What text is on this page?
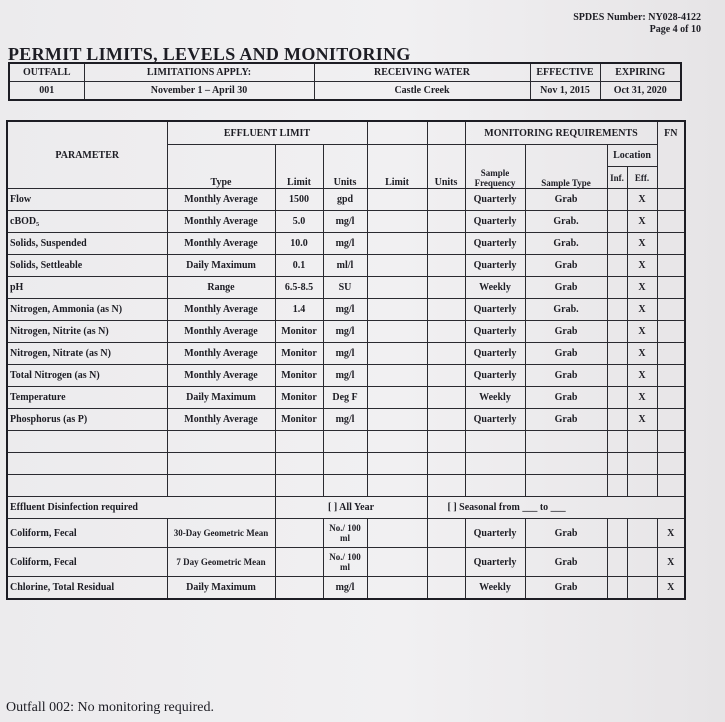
SPDES Number: NY028-4122
Page 4 of 10
PERMIT LIMITS, LEVELS AND MONITORING
OUTFALL	LIMITATIONS APPLY:	RECEIVING WATER	EFFECTIVE	EXPIRING
001	November 1 – April 30	Castle Creek	Nov 1, 2015	Oct 31, 2020
PARAMETER	EFFLUENT LIMIT					MONITORING REQUIREMENTS				FN
	Type	Limit	Units	Limit	Units	Sample Frequency	Sample Type	Location		
								Inf.	Eff.	
Flow	Monthly Average	1500	gpd			Quarterly	Grab		X	
cBOD₅	Monthly Average	5.0	mg/l			Quarterly	Grab.		X	
Solids, Suspended	Monthly Average	10.0	mg/l			Quarterly	Grab.		X	
Solids, Settleable	Daily Maximum	0.1	ml/l			Quarterly	Grab		X	
pH	Range	6.5-8.5	SU			Weekly	Grab		X	
Nitrogen, Ammonia (as N)	Monthly Average	1.4	mg/l			Quarterly	Grab.		X	
Nitrogen, Nitrite (as N)	Monthly Average	Monitor	mg/l			Quarterly	Grab		X	
Nitrogen, Nitrate (as N)	Monthly Average	Monitor	mg/l			Quarterly	Grab		X	
Total Nitrogen (as N)	Monthly Average	Monitor	mg/l			Quarterly	Grab		X	
Temperature	Daily Maximum	Monitor	Deg F			Weekly	Grab		X	
Phosphorus (as P)	Monthly Average	Monitor	mg/l			Quarterly	Grab		X	

Effluent Disinfection required		[ ] All Year			[ ] Seasonal from ___ to ___					
Coliform, Fecal	30-Day Geometric Mean		No./ 100 ml			Quarterly	Grab			X
Coliform, Fecal	7 Day Geometric Mean		No./ 100 ml			Quarterly	Grab			X
Chlorine, Total Residual	Daily Maximum		mg/l			Weekly	Grab			X
Outfall 002: No monitoring required.
